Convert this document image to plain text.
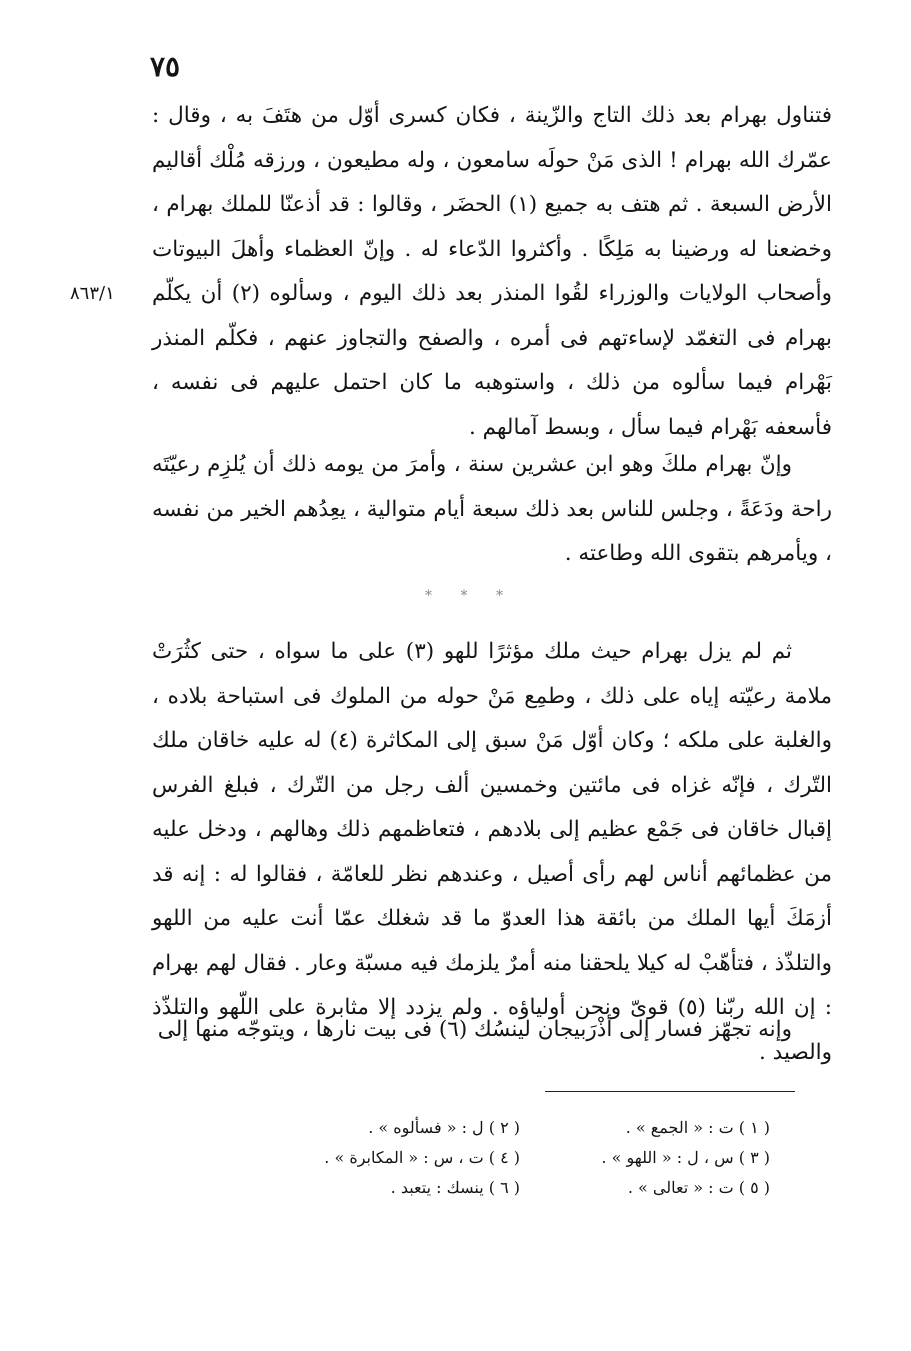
٧٥
٨٦٣/١

فتناول بهرام بعد ذلك التاج والزّينة ، فكان كسرى أوّل من هتَفَ به ، وقال : عمّرك الله بهرام ! الذى مَنْ حولَه سامعون ، وله مطيعون ، ورزقه مُلْك أقاليم الأرض السبعة . ثم هتف به جميع (١) الحضَر ، وقالوا : قد أذعنّا للملك بهرام ، وخضعنا له ورضينا به مَلِكًا . وأكثروا الدّعاء له . وإنّ العظماء وأهلَ البيوتات وأصحاب الولايات والوزراء لقُوا المنذر بعد ذلك اليوم ، وسألوه (٢) أن يكلّم بهرام فى التغمّد لإساءتهم فى أمره ، والصفح والتجاوز عنهم ، فكلّم المنذر بَهْرام فيما سألوه من ذلك ، واستوهبه ما كان احتمل عليهم فى نفسه ، فأسعفه بَهْرام فيما سأل ، وبسط آمالهم .

وإنّ بهرام ملكَ وهو ابن عشرين سنة ، وأمرَ من يومه ذلك أن يُلزِم رعيّتَه راحة ودَعَةً ، وجلس للناس بعد ذلك سبعة أيام متوالية ، يعِدُهم الخير من نفسه ، ويأمرهم بتقوى الله وطاعته .

* * *

ثم لم يزل بهرام حيث ملك مؤثرًا للهو (٣) على ما سواه ، حتى كثُرَتْ ملامة رعيّته إياه على ذلك ، وطمِع مَنْ حوله من الملوك فى استباحة بلاده ، والغلبة على ملكه ؛ وكان أوّل مَنْ سبق إلى المكاثرة (٤) له عليه خاقان ملك التّرك ، فإنّه غزاه فى مائتين وخمسين ألف رجل من التّرك ، فبلغ الفرس إقبال خاقان فى جَمْع عظيم إلى بلادهم ، فتعاظمهم ذلك وهالهم ، ودخل عليه من عظمائهم أناس لهم رأى أصيل ، وعندهم نظر للعامّة ، فقالوا له : إنه قد أزمَكَ أيها الملك من بائقة هذا العدوّ ما قد شغلك عمّا أنت عليه من اللهو والتلذّذ ، فتأهّبْ له كيلا يلحقنا منه أمرٌ يلزمك فيه مسبّة وعار . فقال لهم بهرام : إن الله ربّنا (٥) قوىّ ونحن أولياؤه . ولم يزدد إلا مثابرة على اللّهو والتلذّذ والصيد .

وإنه تجهّز فسار إلى أذْرَبيجان لينسُك (٦) فى بيت نارها ، ويتوجّه منها إلى

( ١ ) ت : « الجمع » .
( ٢ ) ل : « فسألوه » .
( ٣ ) س ، ل : « اللهو » .
( ٤ ) ت ، س : « المكابرة » .
( ٥ ) ت : « تعالى » .
( ٦ ) ينسك : يتعبد .
